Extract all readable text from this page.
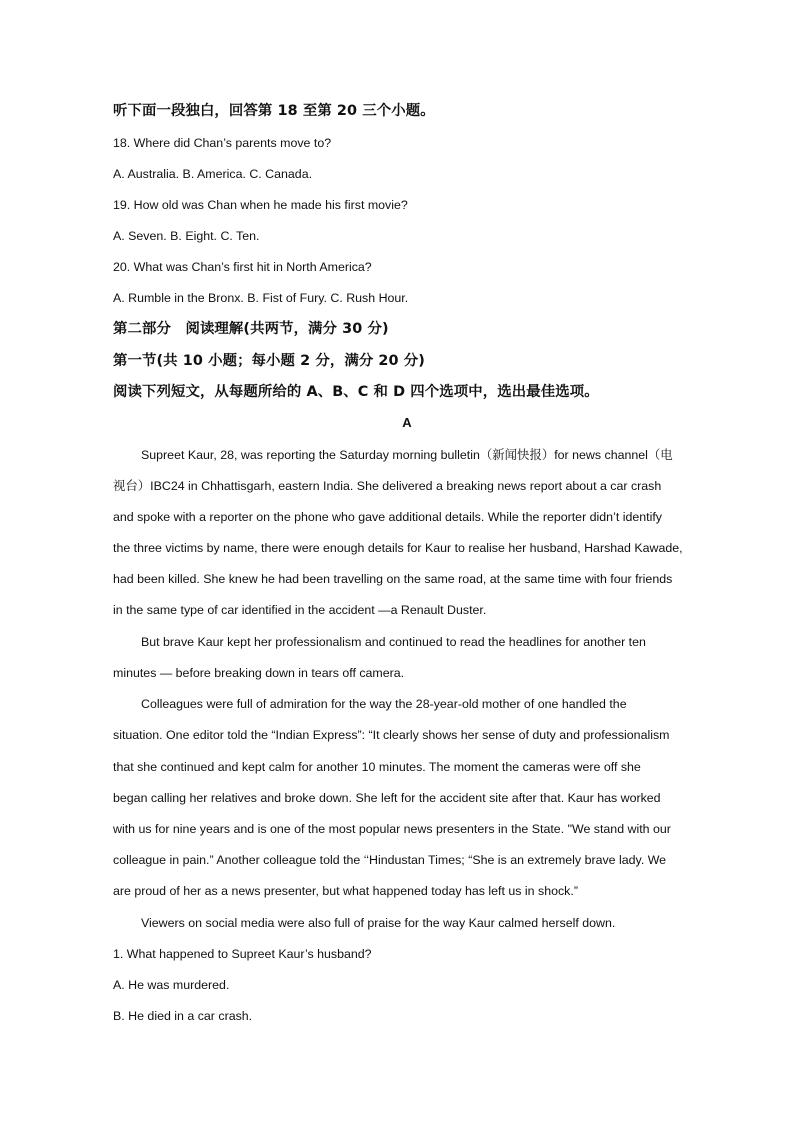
听下面一段独白，回答第 18 至第 20 三个小题。
18. Where did Chan’s parents move to?
A. Australia. B. America. C. Canada.
19. How old was Chan when he made his first movie?
A. Seven. B. Eight. C. Ten.
20. What was Chan’s first hit in North America?
A. Rumble in the Bronx. B. Fist of Fury. C. Rush Hour.
第二部分　阅读理解(共两节，满分 30 分)
第一节(共 10 小题；每小题 2 分，满分 20 分)
阅读下列短文，从每题所给的 A、B、C 和 D 四个选项中，选出最佳选项。
A
Supreet Kaur, 28, was reporting the Saturday morning bulletin（新闻快报）for news channel（电
视台）IBC24 in Chhattisgarh, eastern India. She delivered a breaking news report about a car crash
and spoke with a reporter on the phone who gave additional details. While the reporter didn’t identify
the three victims by name, there were enough details for Kaur to realise her husband, Harshad Kawade,
had been killed. She knew he had been travelling on the same road, at the same time with four friends
in the same type of car identified in the accident —a Renault Duster.
But brave Kaur kept her professionalism and continued to read the headlines for another ten
minutes — before breaking down in tears off camera.
Colleagues were full of admiration for the way the 28-year-old mother of one handled the
situation. One editor told the “Indian Express”: “It clearly shows her sense of duty and professionalism
that she continued and kept calm for another 10 minutes. The moment the cameras were off she
began calling her relatives and broke down. She left for the accident site after that. Kaur has worked
with us for nine years and is one of the most popular news presenters in the State. "We stand with our
colleague in pain.” Another colleague told the ‘‘Hindustan Times; “She is an extremely brave lady. We
are proud of her as a news presenter, but what happened today has left us in shock.”
Viewers on social media were also full of praise for the way Kaur calmed herself down.
1. What happened to Supreet Kaur’s husband?
A. He was murdered.
B. He died in a car crash.
